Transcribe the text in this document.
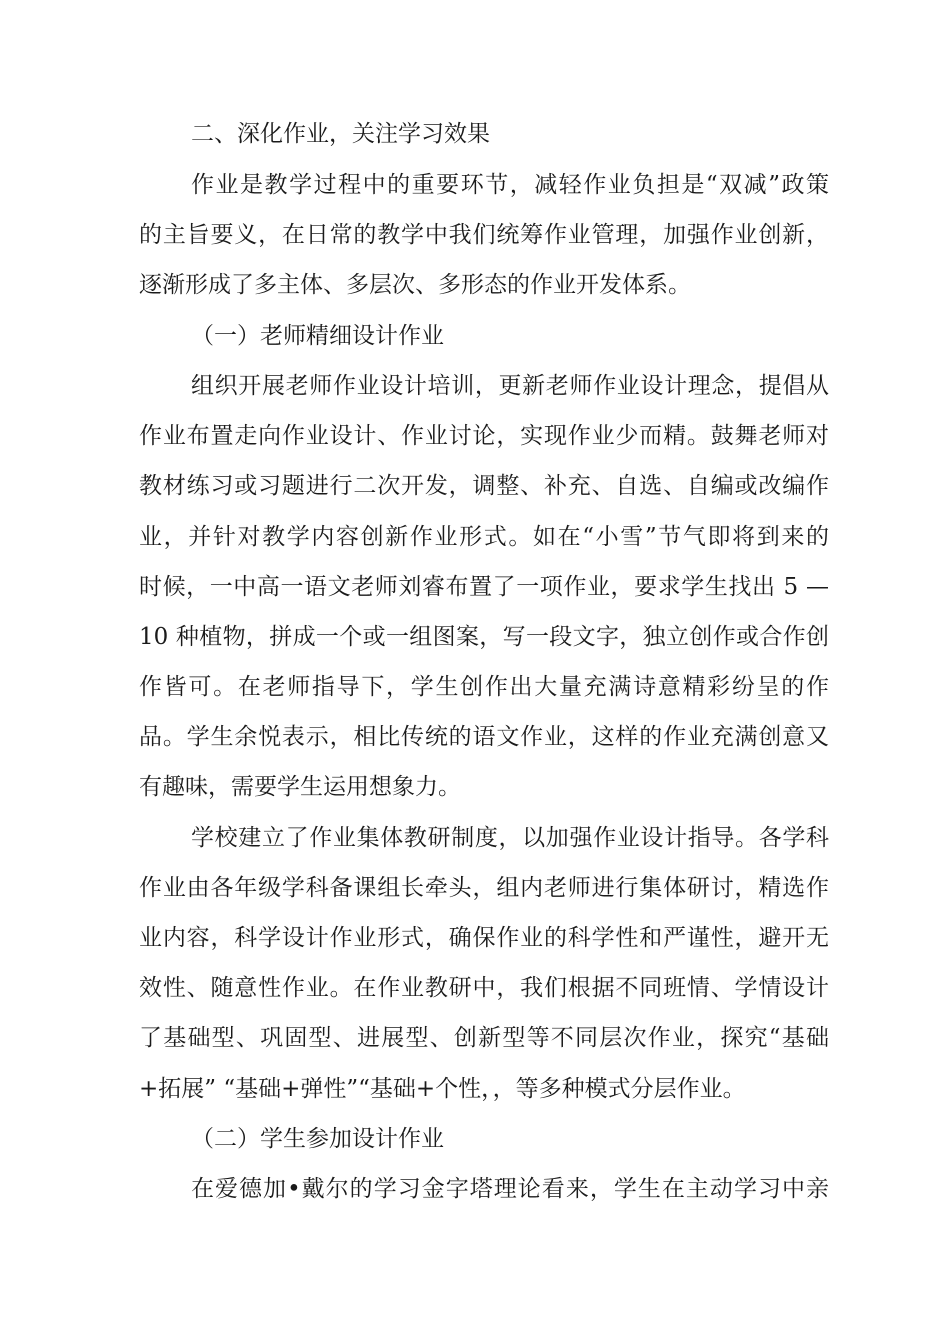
二、深化作业，关注学习效果

作业是教学过程中的重要环节，减轻作业负担是“双减”政策

的主旨要义，在日常的教学中我们统筹作业管理，加强作业创新，

逐渐形成了多主体、多层次、多形态的作业开发体系。

（一）老师精细设计作业

组织开展老师作业设计培训，更新老师作业设计理念，提倡从

作业布置走向作业设计、作业讨论，实现作业少而精。鼓舞老师对

教材练习或习题进行二次开发，调整、补充、自选、自编或改编作

业，并针对教学内容创新作业形式。如在“小雪”节气即将到来的

时候，一中高一语文老师刘睿布置了一项作业，要求学生找出 5 —

10 种植物，拼成一个或一组图案，写一段文字，独立创作或合作创

作皆可。在老师指导下，学生创作出大量充满诗意精彩纷呈的作

品。学生余悦表示，相比传统的语文作业，这样的作业充满创意又

有趣味，需要学生运用想象力。

学校建立了作业集体教研制度，以加强作业设计指导。各学科

作业由各年级学科备课组长牵头，组内老师进行集体研讨，精选作

业内容，科学设计作业形式，确保作业的科学性和严谨性，避开无

效性、随意性作业。在作业教研中，我们根据不同班情、学情设计

了基础型、巩固型、进展型、创新型等不同层次作业，探究“基础

+拓展” “基础+弹性”“基础+个性，，等多种模式分层作业。

（二）学生参加设计作业

在爱德加•戴尔的学习金字塔理论看来，学生在主动学习中亲
